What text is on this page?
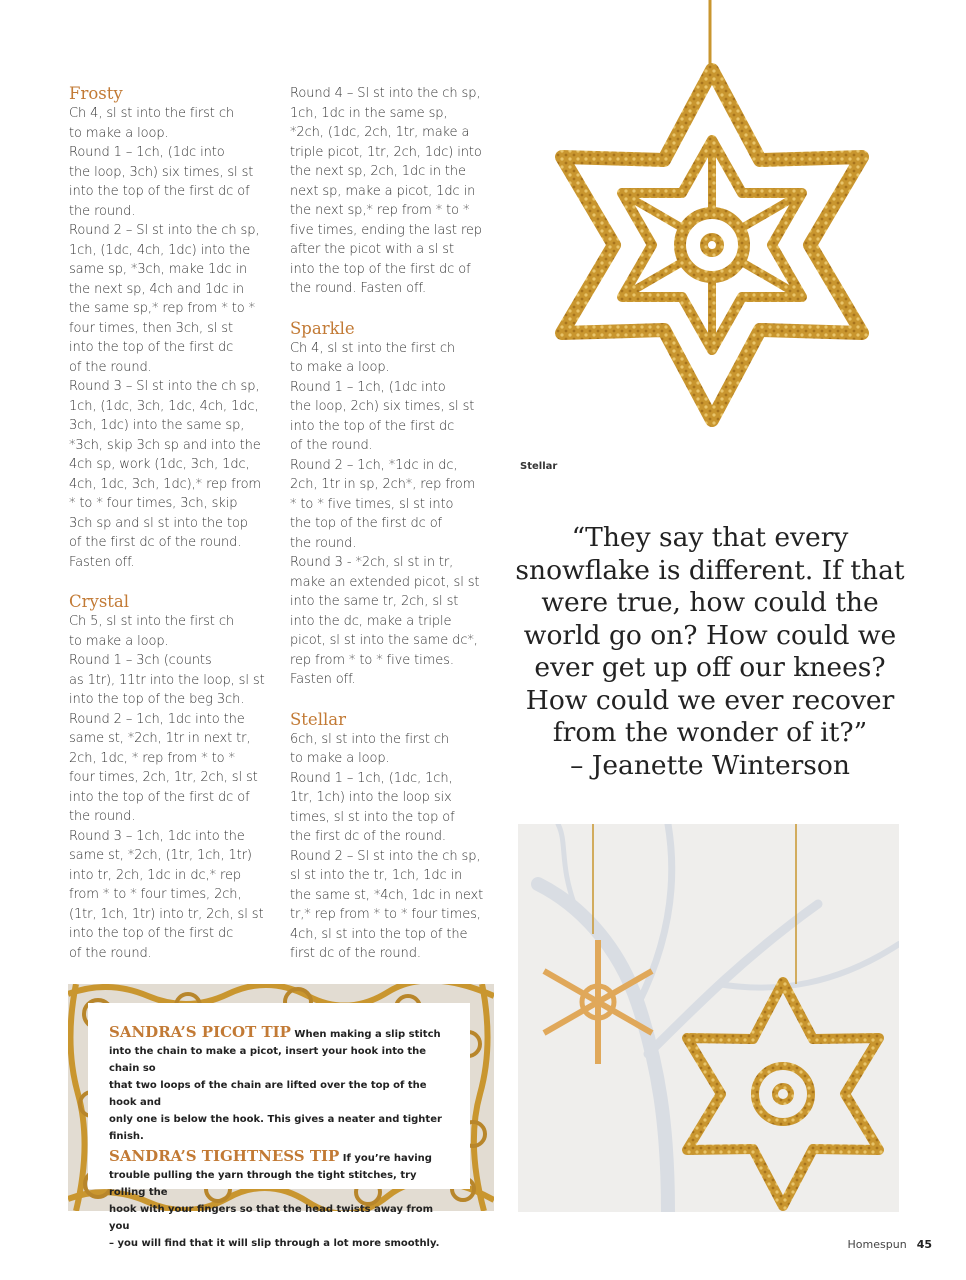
Frosty
Ch 4, sl st into the first ch
to make a loop.
Round 1 – 1ch, (1dc into
the loop, 3ch) six times, sl st
into the top of the first dc of
the round.
Round 2 – Sl st into the ch sp,
1ch, (1dc, 4ch, 1dc) into the
same sp, *3ch, make 1dc in
the next sp, 4ch and 1dc in
the same sp,* rep from * to *
four times, then 3ch, sl st
into the top of the first dc
of the round.
Round 3 – Sl st into the ch sp,
1ch, (1dc, 3ch, 1dc, 4ch, 1dc,
3ch, 1dc) into the same sp,
*3ch, skip 3ch sp and into the
4ch sp, work (1dc, 3ch, 1dc,
4ch, 1dc, 3ch, 1dc),* rep from
* to * four times, 3ch, skip
3ch sp and sl st into the top
of the first dc of the round.
Fasten off.
Crystal
Ch 5, sl st into the first ch
to make a loop.
Round 1 – 3ch (counts
as 1tr), 11tr into the loop, sl st
into the top of the beg 3ch.
Round 2 – 1ch, 1dc into the
same st, *2ch, 1tr in next tr,
2ch, 1dc, * rep from * to *
four times, 2ch, 1tr, 2ch, sl st
into the top of the first dc of
the round.
Round 3 – 1ch, 1dc into the
same st, *2ch, (1tr, 1ch, 1tr)
into tr, 2ch, 1dc in dc,* rep
from * to * four times, 2ch,
(1tr, 1ch, 1tr) into tr, 2ch, sl st
into the top of the first dc
of the round.
Round 4 – Sl st into the ch sp,
1ch, 1dc in the same sp,
*2ch, (1dc, 2ch, 1tr, make a
triple picot, 1tr, 2ch, 1dc) into
the next sp, 2ch, 1dc in the
next sp, make a picot, 1dc in
the next sp,* rep from * to *
five times, ending the last rep
after the picot with a sl st
into the top of the first dc of
the round. Fasten off.
Sparkle
Ch 4, sl st into the first ch
to make a loop.
Round 1 – 1ch, (1dc into
the loop, 2ch) six times, sl st
into the top of the first dc
of the round.
Round 2 – 1ch, *1dc in dc,
2ch, 1tr in sp, 2ch*, rep from
* to * five times, sl st into
the top of the first dc of
the round.
Round 3 - *2ch, sl st in tr,
make an extended picot, sl st
into the same tr, 2ch, sl st
into the dc, make a triple
picot, sl st into the same dc*,
rep from * to * five times.
Fasten off.
Stellar
6ch, sl st into the first ch
to make a loop.
Round 1 – 1ch, (1dc, 1ch,
1tr, 1ch) into the loop six
times, sl st into the top of
the first dc of the round.
Round 2 – Sl st into the ch sp,
sl st into the tr, 1ch, 1dc in
the same st, *4ch, 1dc in next
tr,* rep from * to * four times,
4ch, sl st into the top of the
first dc of the round.
Stellar
“They say that every
snowflake is different. If that
were true, how could the
world go on? How could we
ever get up off our knees?
How could we ever recover
from the wonder of it?”
– Jeanette Winterson
SANDRA’S PICOT TIP When making a slip stitch
into the chain to make a picot, insert your hook into the chain so
that two loops of the chain are lifted over the top of the hook and
only one is below the hook. This gives a neater and tighter finish.
SANDRA’S TIGHTNESS TIP If you’re having
trouble pulling the yarn through the tight stitches, try rolling the
hook with your fingers so that the head twists away from you
– you will find that it will slip through a lot more smoothly.	Homespun 45
